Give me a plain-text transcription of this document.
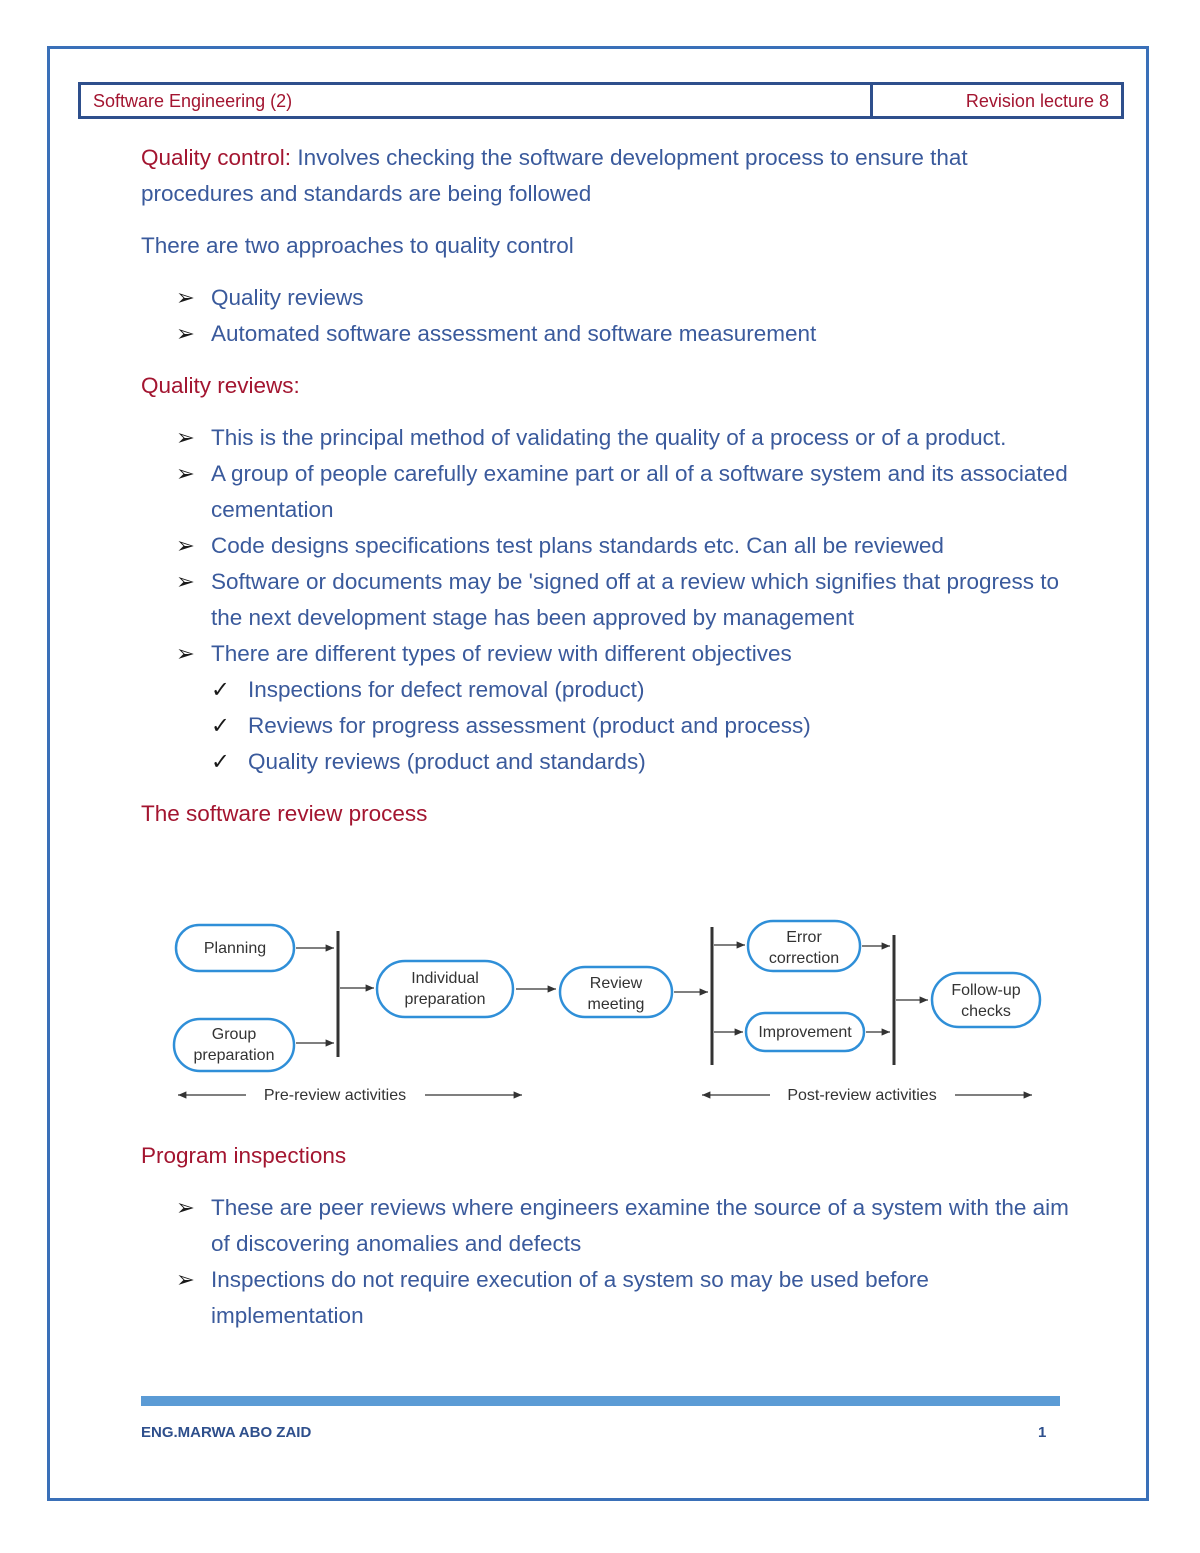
Software Engineering (2)	Revision lecture 8

Quality control: Involves checking the software development process to ensure that procedures and standards are being followed

There are two approaches to quality control

➢ Quality reviews
➢ Automated software assessment and software measurement

Quality reviews:

➢ This is the principal method of validating the quality of a process or of a product.
➢ A group of people carefully examine part or all of a software system and its associated cementation
➢ Code designs specifications test plans standards etc. Can all be reviewed
➢ Software or documents may be 'signed off at a review which signifies that progress to the next development stage has been approved by management
➢ There are different types of review with different objectives
✓ Inspections for defect removal (product)
✓ Reviews for progress assessment (product and process)
✓ Quality reviews (product and standards)

The software review process

Planning
Group
preparation
Individual
preparation
Review
meeting
Error
correction
Improvement
Follow-up
checks
Pre-review activities	Post-review activities

Program inspections

➢ These are peer reviews where engineers examine the source of a system with the aim of discovering anomalies and defects
➢ Inspections do not require execution of a system so may be used before implementation
ENG.MARWA ABO ZAID	1
